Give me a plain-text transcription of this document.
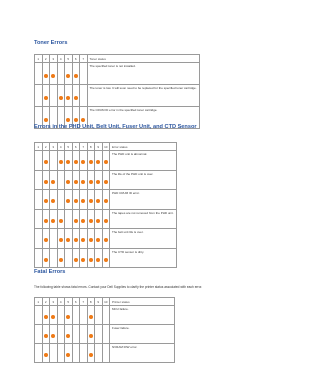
Toner Errors
1	2	3	4	5	6	7	Toner status
							The specified toner is not installed.
							The toner is low. It will soon need to be replaced for the specified toner cartridge.
							The CRUM ID error in the specified toner cartridge.
Errors in the PHD Unit, Belt Unit, Fuser Unit, and CTD Sensor
1	2	3	4	5	6	7	8	9	10	Error status
										The PHD unit is abnormal.
										The life of the PHD unit is over.
										PHD CRUM ID error.
										The tapes are not removed from the PHD unit.
										The belt unit life is over.
										The CTD sensor is dirty.
Fatal Errors
The following table shows fatal errors. Contact your Dell Supplies to clarify the printer status associated with each error.
1	2	3	4	5	6	7	8	9	10	Printer status
										MCU failure.
										Fuser failure.
										NVRAM R/W error.
